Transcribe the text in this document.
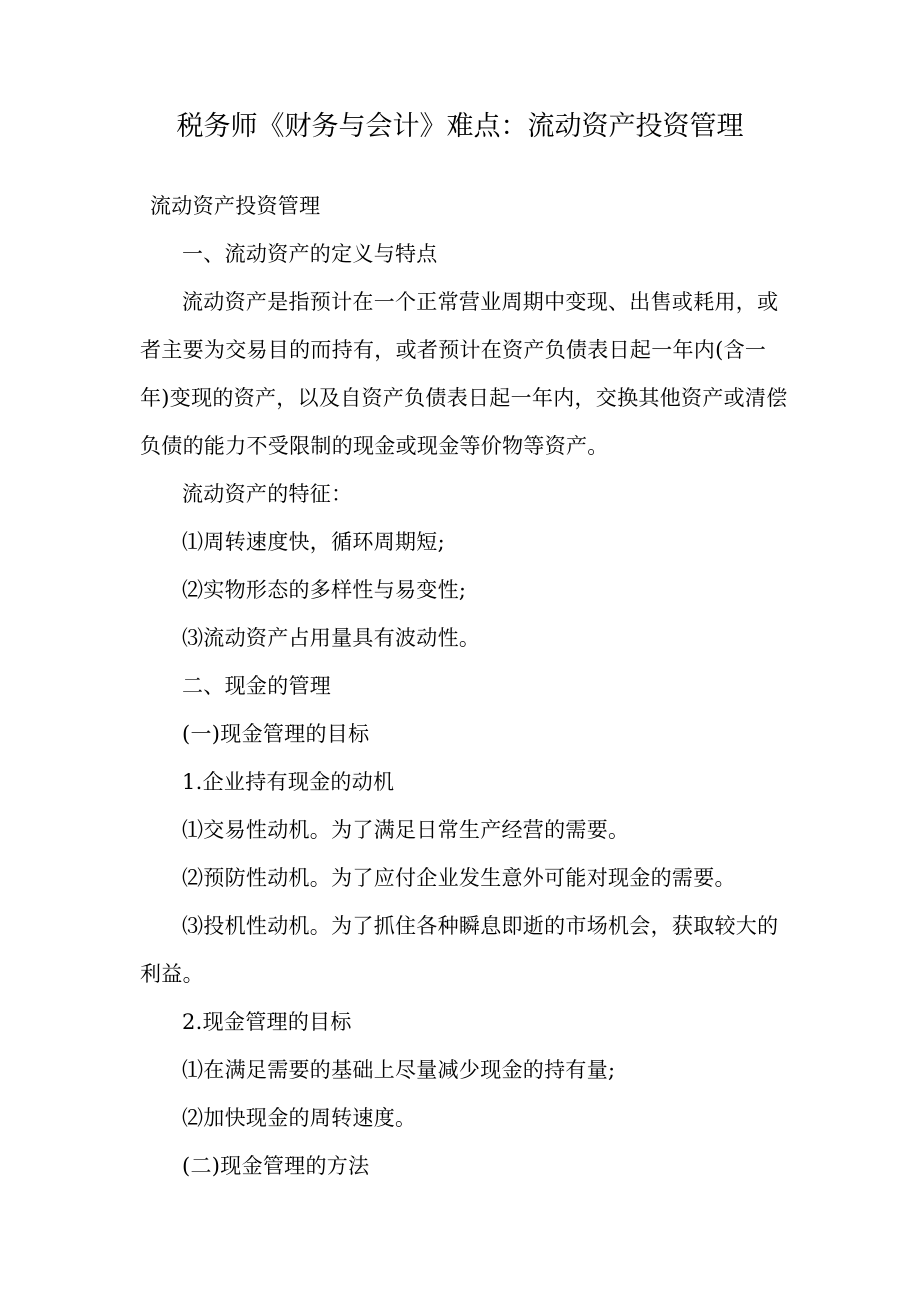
税务师《财务与会计》难点：流动资产投资管理

流动资产投资管理

一、流动资产的定义与特点

流动资产是指预计在一个正常营业周期中变现、出售或耗用，或者主要为交易目的而持有，或者预计在资产负债表日起一年内(含一年)变现的资产，以及自资产负债表日起一年内，交换其他资产或清偿负债的能力不受限制的现金或现金等价物等资产。

流动资产的特征：

⑴周转速度快，循环周期短;

⑵实物形态的多样性与易变性;

⑶流动资产占用量具有波动性。

二、现金的管理

(一)现金管理的目标

1.企业持有现金的动机

⑴交易性动机。为了满足日常生产经营的需要。

⑵预防性动机。为了应付企业发生意外可能对现金的需要。

⑶投机性动机。为了抓住各种瞬息即逝的市场机会，获取较大的利益。

2.现金管理的目标

⑴在满足需要的基础上尽量减少现金的持有量;

⑵加快现金的周转速度。

(二)现金管理的方法
